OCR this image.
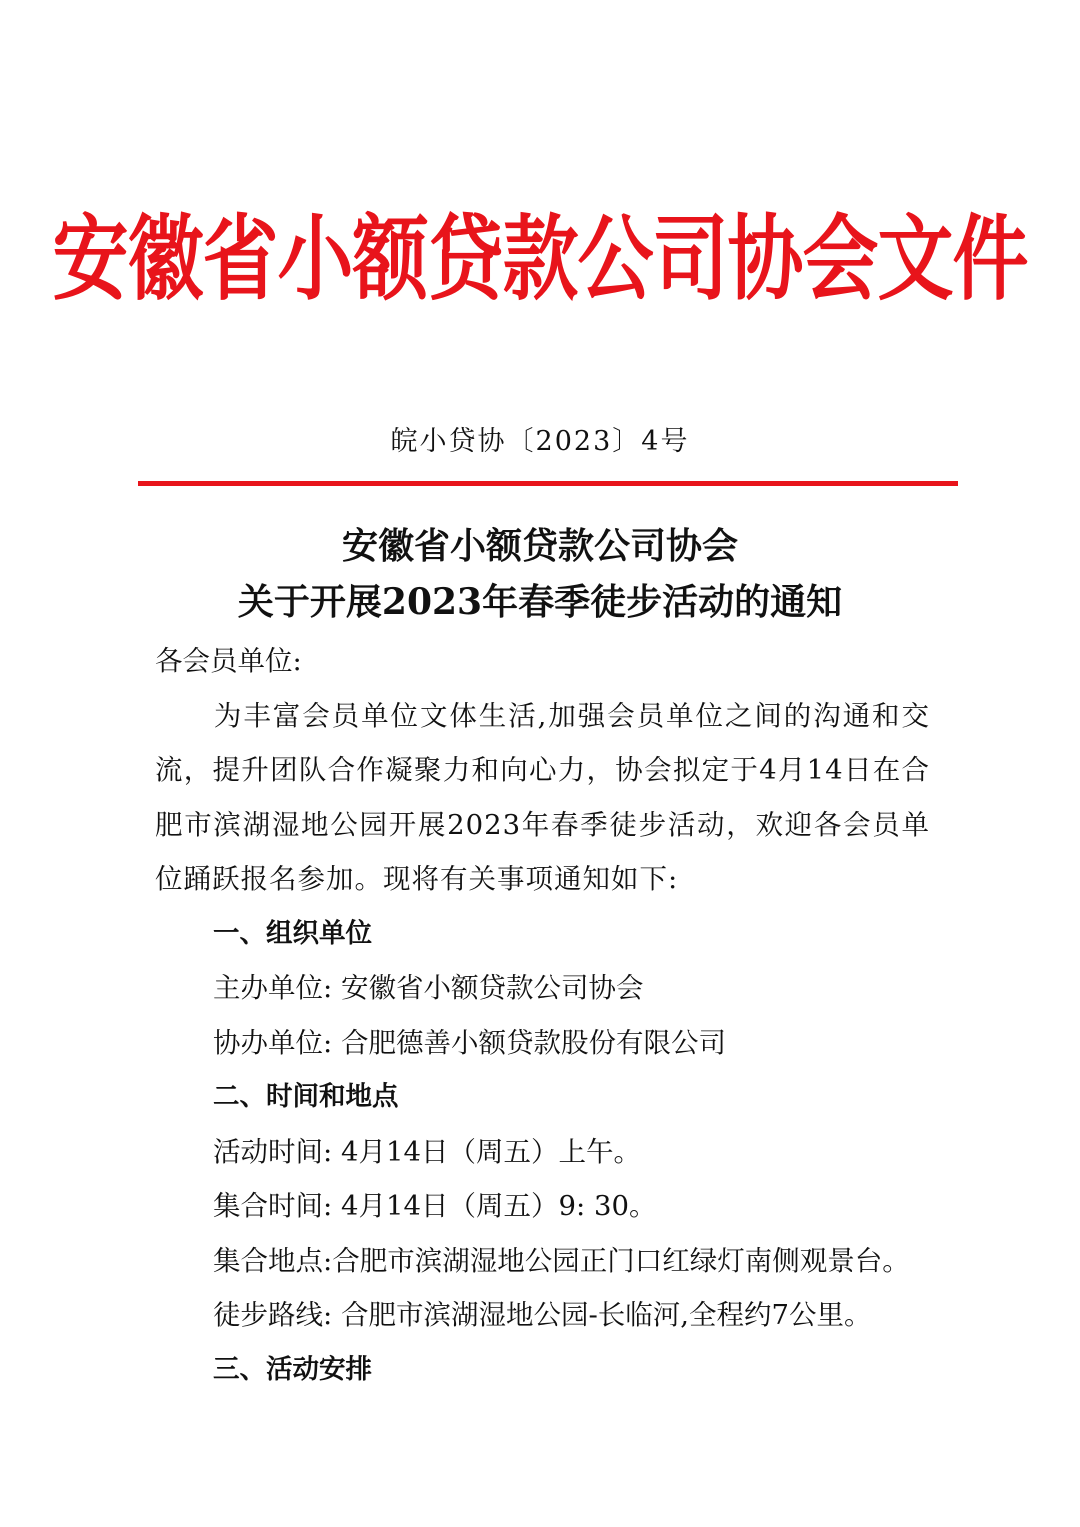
安徽省小额贷款公司协会文件
皖小贷协〔2023〕4号
安徽省小额贷款公司协会
关于开展2023年春季徒步活动的通知

各会员单位:

为丰富会员单位文体生活,加强会员单位之间的沟通和交流，提升团队合作凝聚力和向心力，协会拟定于4月14日在合肥市滨湖湿地公园开展2023年春季徒步活动，欢迎各会员单位踊跃报名参加。现将有关事项通知如下:

一、组织单位

主办单位: 安徽省小额贷款公司协会

协办单位: 合肥德善小额贷款股份有限公司

二、时间和地点

活动时间: 4月14日（周五）上午。

集合时间: 4月14日（周五）9: 30。

集合地点:合肥市滨湖湿地公园正门口红绿灯南侧观景台。

徒步路线: 合肥市滨湖湿地公园-长临河,全程约7公里。

三、活动安排
